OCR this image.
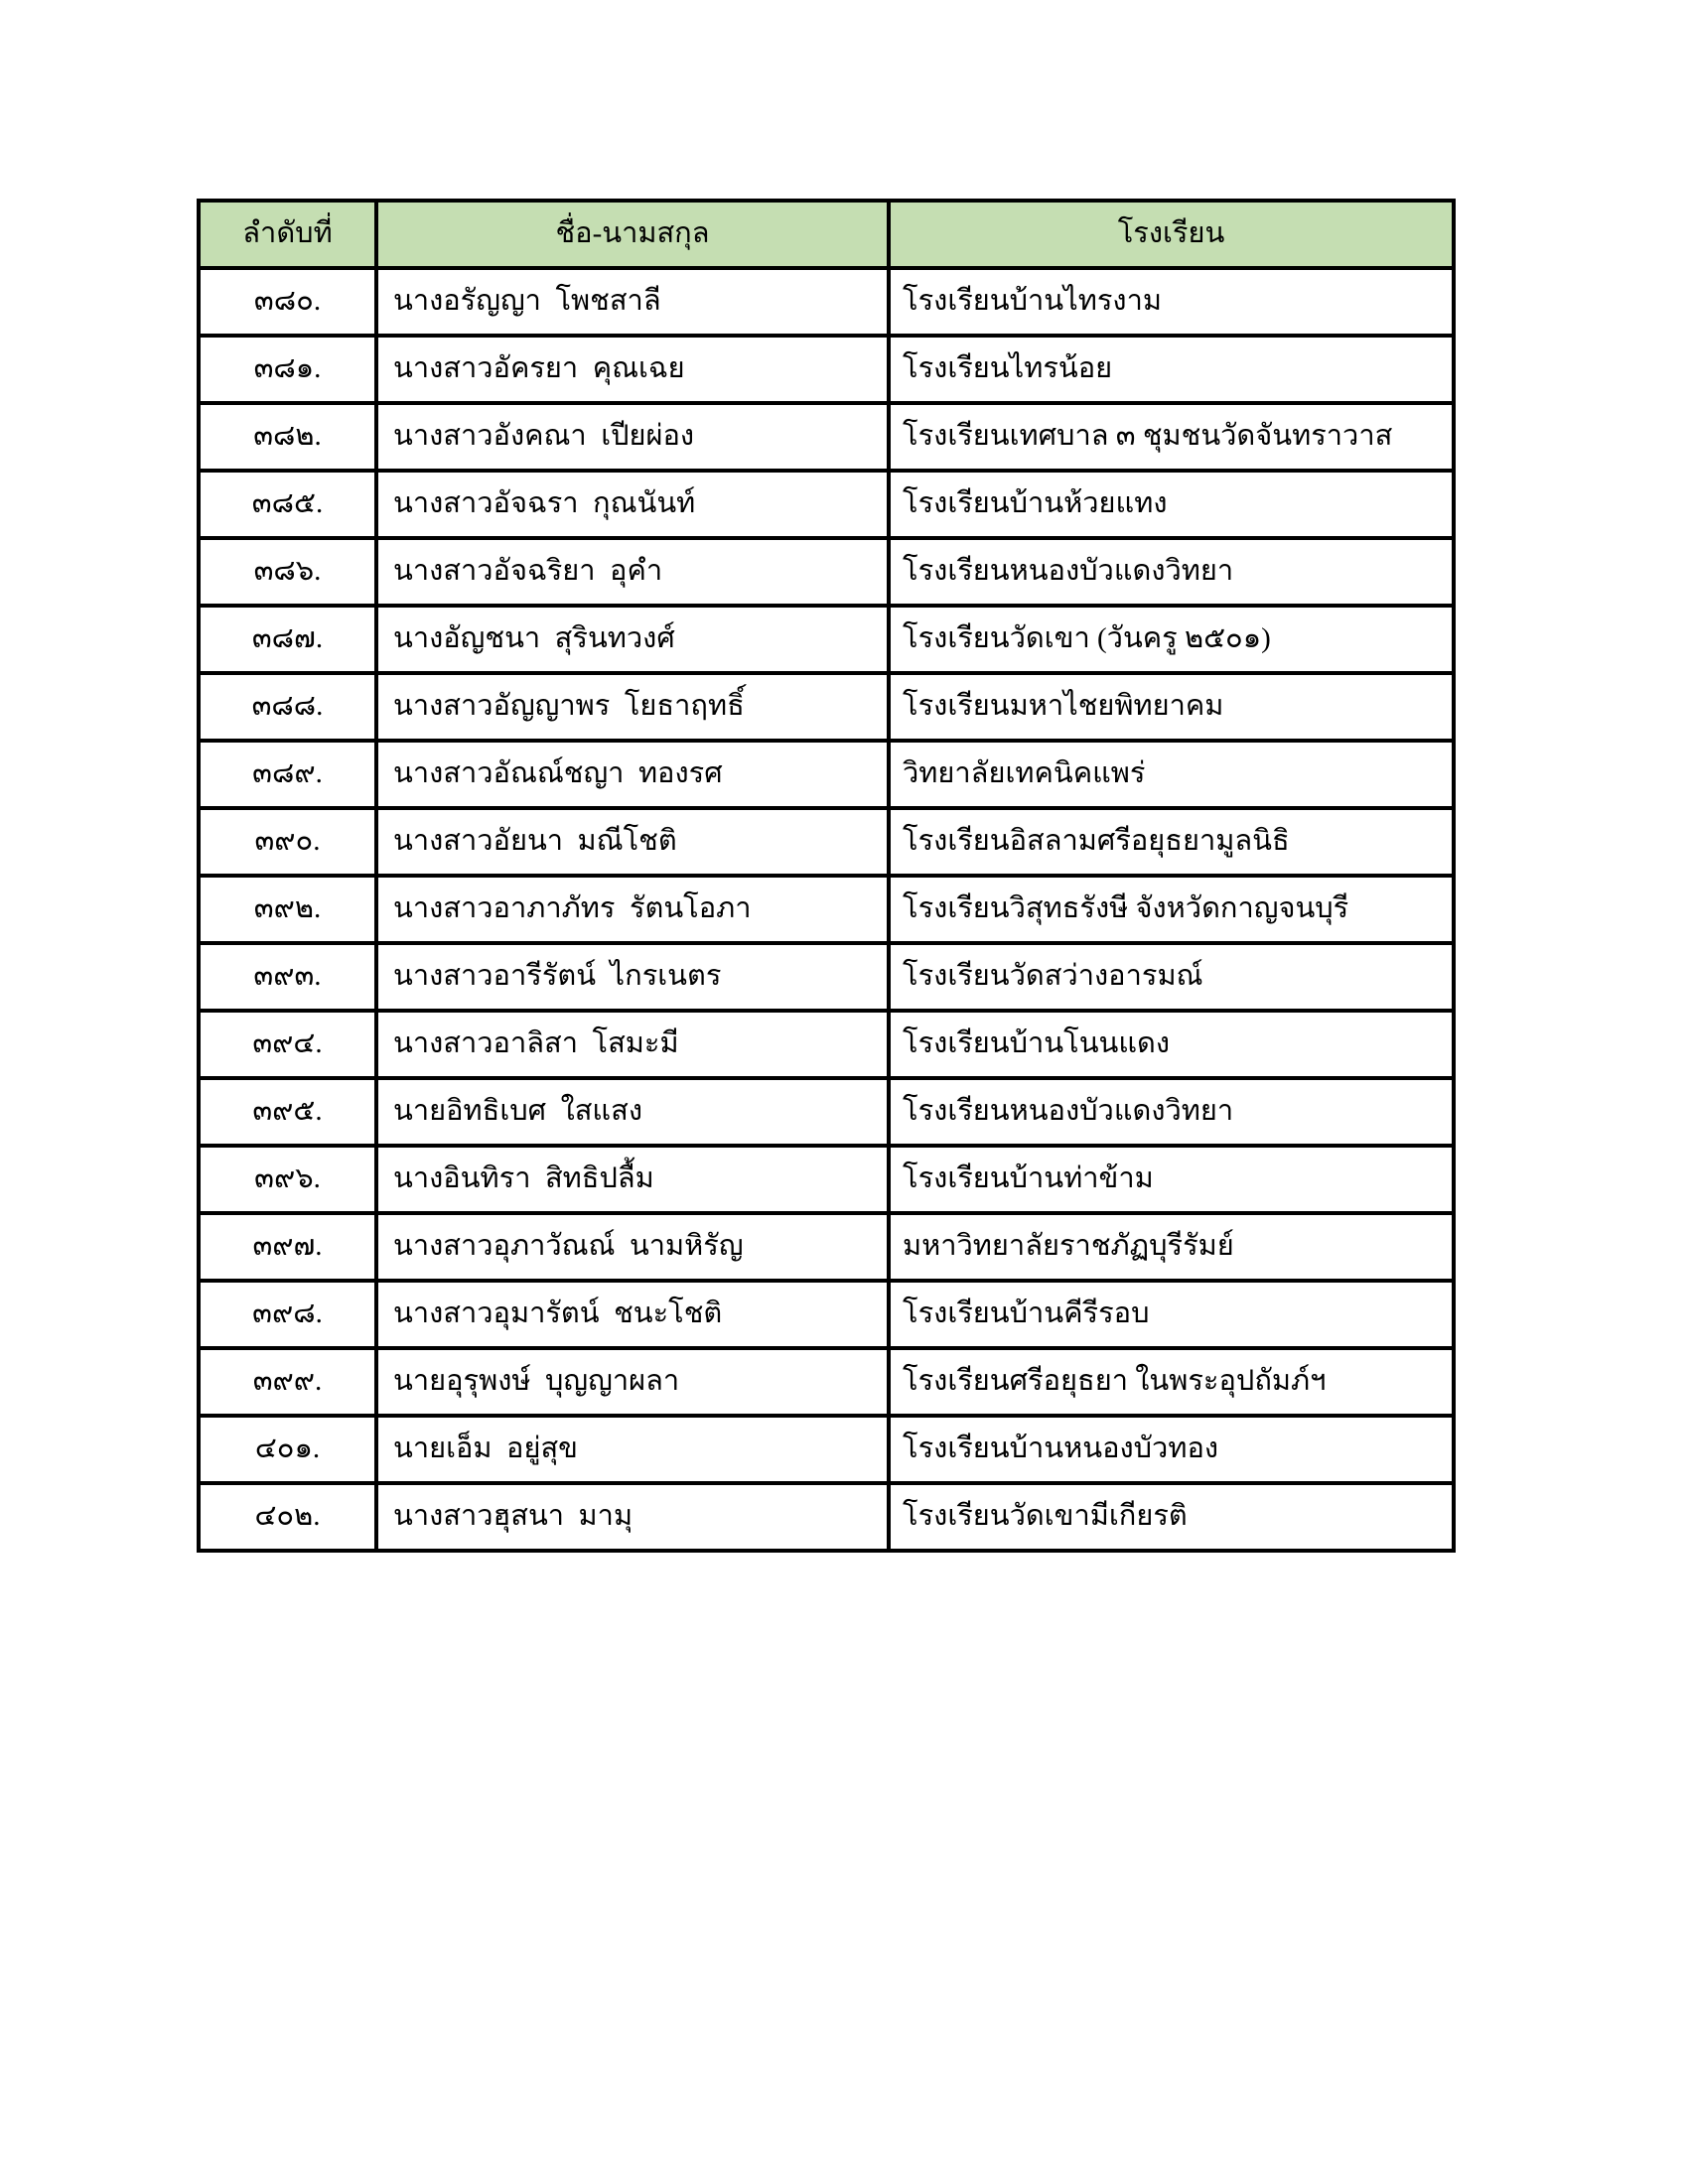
ลำดับที่	ชื่อ-นามสกุล	โรงเรียน
๓๘๐.	นางอรัญญา  โพชสาลี	โรงเรียนบ้านไทรงาม
๓๘๑.	นางสาวอัครยา  คุณเฉย	โรงเรียนไทรน้อย
๓๘๒.	นางสาวอังคณา  เปียผ่อง	โรงเรียนเทศบาล ๓ ชุมชนวัดจันทราวาส
๓๘๕.	นางสาวอัจฉรา  กุณนันท์	โรงเรียนบ้านห้วยแทง
๓๘๖.	นางสาวอัจฉริยา  อุคำ	โรงเรียนหนองบัวแดงวิทยา
๓๘๗.	นางอัญชนา  สุรินทวงศ์	โรงเรียนวัดเขา (วันครู ๒๕๐๑)
๓๘๘.	นางสาวอัญญาพร  โยธาฤทธิ์	โรงเรียนมหาไชยพิทยาคม
๓๘๙.	นางสาวอัณณ์ชญา  ทองรศ	วิทยาลัยเทคนิคแพร่
๓๙๐.	นางสาวอัยนา  มณีโชติ	โรงเรียนอิสลามศรีอยุธยามูลนิธิ
๓๙๒.	นางสาวอาภาภัทร  รัตนโอภา	โรงเรียนวิสุทธรังษี จังหวัดกาญจนบุรี
๓๙๓.	นางสาวอารีรัตน์  ไกรเนตร	โรงเรียนวัดสว่างอารมณ์
๓๙๔.	นางสาวอาลิสา  โสมะมี	โรงเรียนบ้านโนนแดง
๓๙๕.	นายอิทธิเบศ  ใสแสง	โรงเรียนหนองบัวแดงวิทยา
๓๙๖.	นางอินทิรา  สิทธิปลื้ม	โรงเรียนบ้านท่าข้าม
๓๙๗.	นางสาวอุภาวัณณ์  นามหิรัญ	มหาวิทยาลัยราชภัฏบุรีรัมย์
๓๙๘.	นางสาวอุมารัตน์  ชนะโชติ	โรงเรียนบ้านคีรีรอบ
๓๙๙.	นายอุรุพงษ์  บุญญาผลา	โรงเรียนศรีอยุธยา ในพระอุปถัมภ์ฯ
๔๐๑.	นายเอ็ม  อยู่สุข	โรงเรียนบ้านหนองบัวทอง
๔๐๒.	นางสาวฮุสนา  มามุ	โรงเรียนวัดเขามีเกียรติ
